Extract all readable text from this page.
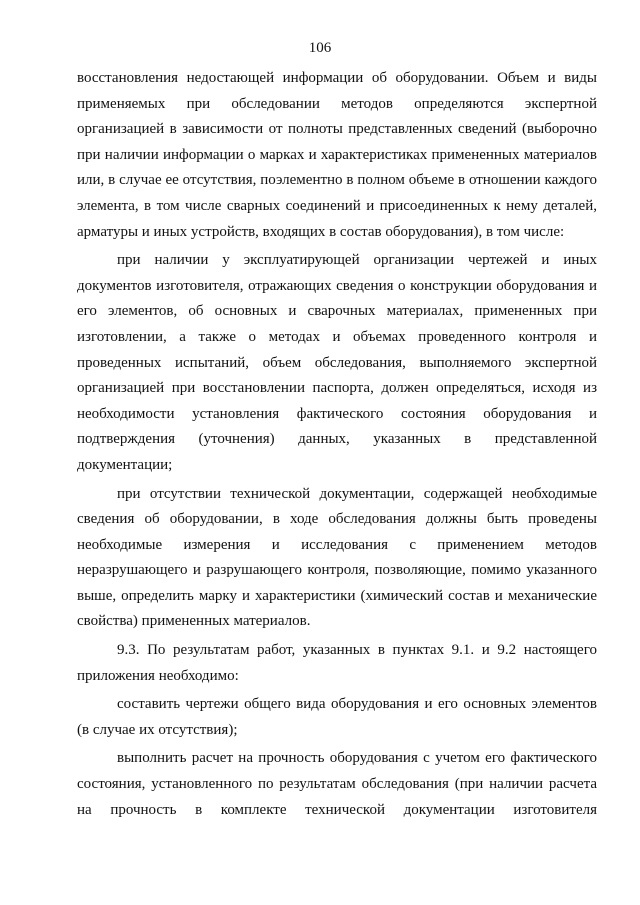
106

восстановления недостающей информации об оборудовании. Объем и виды применяемых при обследовании методов определяются экспертной организацией в зависимости от полноты представленных сведений (выборочно при наличии информации о марках и характеристиках примененных материалов или, в случае ее отсутствия, поэлементно в полном объеме в отношении каждого элемента, в том числе сварных соединений и присоединенных к нему деталей, арматуры и иных устройств, входящих в состав оборудования), в том числе:

при наличии у эксплуатирующей организации чертежей и иных документов изготовителя, отражающих сведения о конструкции оборудования и его элементов, об основных и сварочных материалах, примененных при изготовлении, а также о методах и объемах проведенного контроля и проведенных испытаний, объем обследования, выполняемого экспертной организацией при восстановлении паспорта, должен определяться, исходя из необходимости установления фактического состояния оборудования и подтверждения (уточнения) данных, указанных в представленной документации;

при отсутствии технической документации, содержащей необходимые сведения об оборудовании, в ходе обследования должны быть проведены необходимые измерения и исследования с применением методов неразрушающего и разрушающего контроля, позволяющие, помимо указанного выше, определить марку и характеристики (химический состав и механические свойства) примененных материалов.

9.3. По результатам работ, указанных в пунктах 9.1. и 9.2 настоящего приложения необходимо:

составить чертежи общего вида оборудования и его основных элементов (в случае их отсутствия);

выполнить расчет на прочность оборудования с учетом его фактического состояния, установленного по результатам обследования (при наличии расчета на прочность в комплекте технической документации изготовителя
